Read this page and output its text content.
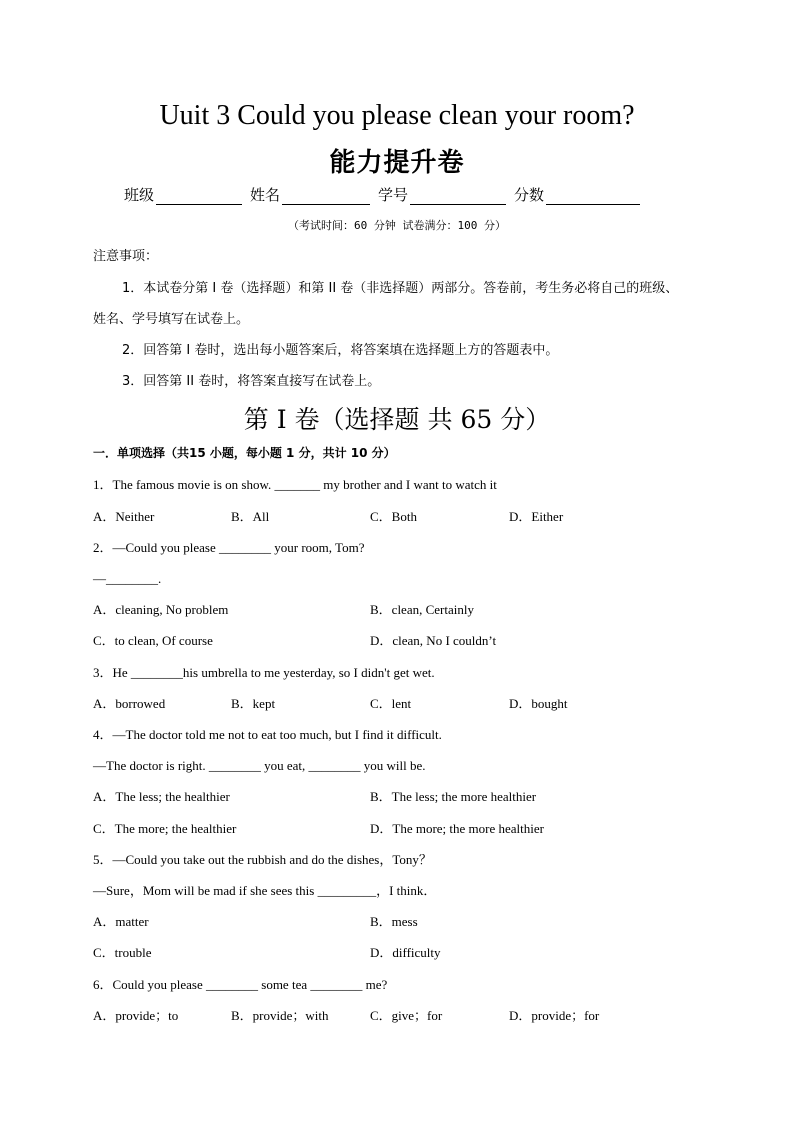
Uuit 3 Could you please clean your room?
能力提升卷
班级	姓名	学号	分数
（考试时间：60 分钟 试卷满分：100 分）
注意事项：
1．本试卷分第 I 卷（选择题）和第 II 卷（非选择题）两部分。答卷前，考生务必将自己的班级、
姓名、学号填写在试卷上。
2．回答第 I 卷时，选出每小题答案后，将答案填在选择题上方的答题表中。
3．回答第 II 卷时，将答案直接写在试卷上。
第 I 卷（选择题 共 65 分）
一．单项选择（共15 小题，每小题 1 分，共计 10 分）
1．The famous movie is on show. _______ my brother and I want to watch it
A．Neither	B．All	C．Both	D．Either
2．—Could you please ________ your room, Tom?
—________.
A．cleaning, No problem	B．clean, Certainly
C．to clean, Of course	D．clean, No I couldn’t
3．He ________his umbrella to me yesterday, so I didn't get wet.
A．borrowed	B．kept	C．lent	D．bought
4．—The doctor told me not to eat too much, but I find it difficult.
—The doctor is right. ________ you eat, ________ you will be.
A．The less; the healthier	B．The less; the more healthier
C．The more; the healthier	D．The more; the more healthier
5．—Could you take out the rubbish and do the dishes，Tony？
—Sure，Mom will be mad if she sees this _________，I think．
A．matter	B．mess
C．trouble	D．difficulty
6．Could you please ________ some tea ________ me?
A．provide；to	B．provide；with	C．give；for	D．provide；for
